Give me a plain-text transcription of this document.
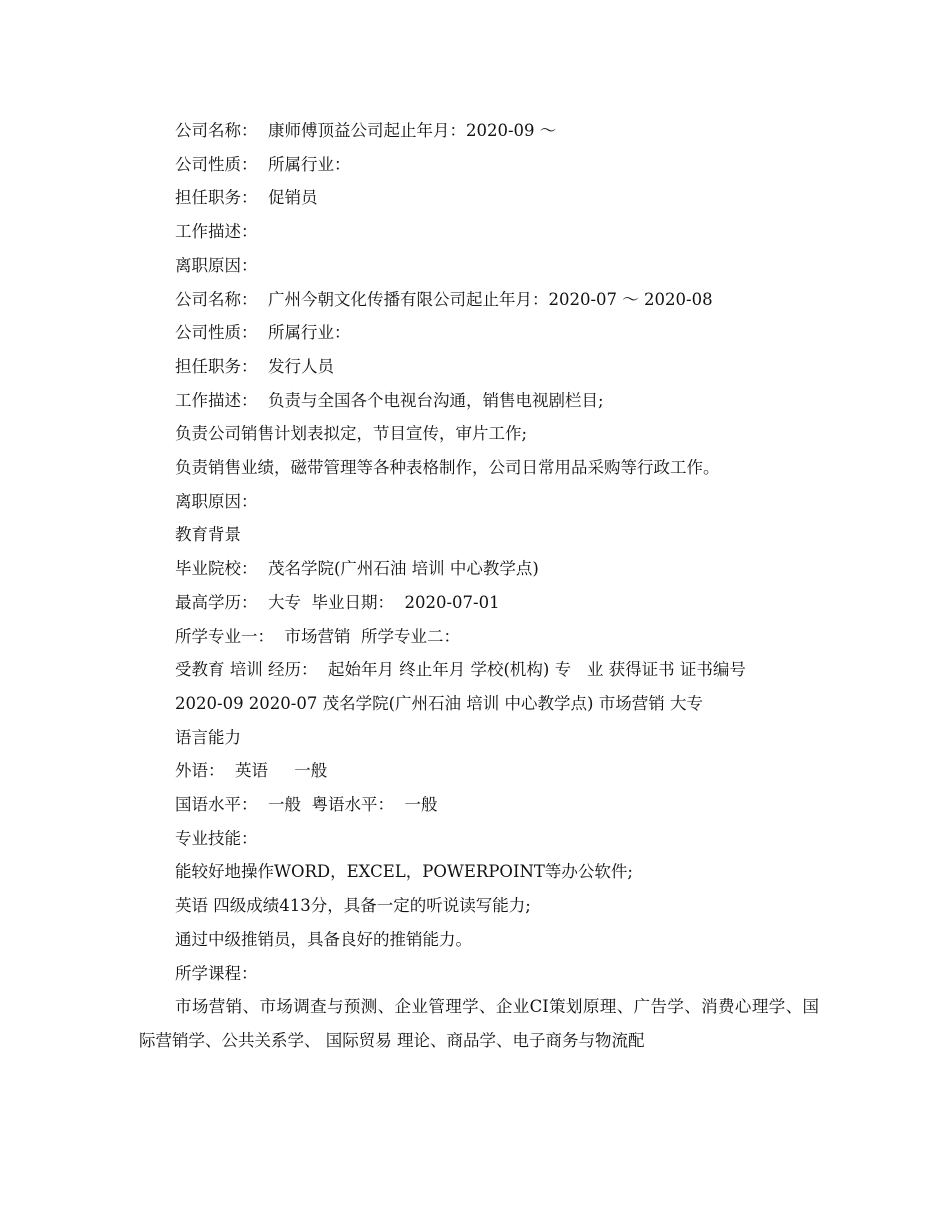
公司名称：  康师傅顶益公司起止年月：2020-09 ～

公司性质：  所属行业：

担任职务：  促销员

工作描述：

离职原因：

公司名称：  广州今朝文化传播有限公司起止年月：2020-07 ～ 2020-08

公司性质：  所属行业：

担任职务：  发行人员

工作描述：  负责与全国各个电视台沟通，销售电视剧栏目;

负责公司销售计划表拟定，节目宣传，审片工作;

负责销售业绩，磁带管理等各种表格制作，公司日常用品采购等行政工作。

离职原因：

教育背景

毕业院校：  茂名学院(广州石油 培训 中心教学点)

最高学历：  大专  毕业日期：  2020-07-01

所学专业一：  市场营销  所学专业二：

受教育 培训 经历：  起始年月 终止年月 学校(机构) 专   业 获得证书 证书编号

2020-09 2020-07 茂名学院(广州石油 培训 中心教学点) 市场营销 大专

语言能力

外语：  英语     一般

国语水平：  一般  粤语水平：  一般

专业技能：

能较好地操作WORD，EXCEL，POWERPOINT等办公软件;

英语 四级成绩413分，具备一定的听说读写能力;

通过中级推销员，具备良好的推销能力。

所学课程：

市场营销、市场调查与预测、企业管理学、企业CI策划原理、广告学、消费心理学、国际营销学、公共关系学、 国际贸易 理论、商品学、电子商务与物流配
